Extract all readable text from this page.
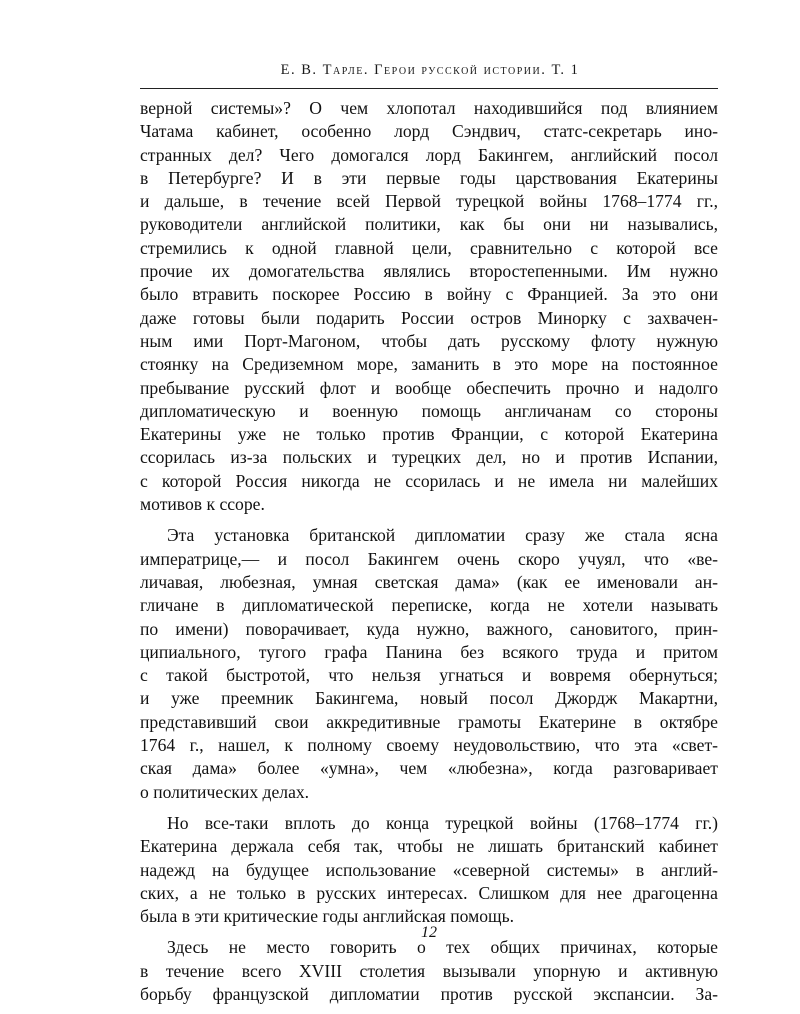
Е. В. Тарле. Герои русской истории. Т. 1
верной системы»? О чем хлопотал находившийся под влиянием
Чатама кабинет, особенно лорд Сэндвич, статс-секретарь ино-
странных дел? Чего домогался лорд Бакингем, английский посол
в Петербурге? И в эти первые годы царствования Екатерины
и дальше, в течение всей Первой турецкой войны 1768–1774 гг.,
руководители английской политики, как бы они ни назывались,
стремились к одной главной цели, сравнительно с которой все
прочие их домогательства являлись второстепенными. Им нужно
было втравить поскорее Россию в войну с Францией. За это они
даже готовы были подарить России остров Минорку с захвачен-
ным ими Порт-Магоном, чтобы дать русскому флоту нужную
стоянку на Средиземном море, заманить в это море на постоянное
пребывание русский флот и вообще обеспечить прочно и надолго
дипломатическую и военную помощь англичанам со стороны
Екатерины уже не только против Франции, с которой Екатерина
ссорилась из-за польских и турецких дел, но и против Испании,
с которой Россия никогда не ссорилась и не имела ни малейших
мотивов к ссоре.
Эта установка британской дипломатии сразу же стала ясна
императрице,— и посол Бакингем очень скоро учуял, что «ве-
личавая, любезная, умная светская дама» (как ее именовали ан-
гличане в дипломатической переписке, когда не хотели называть
по имени) поворачивает, куда нужно, важного, сановитого, прин-
ципиального, тугого графа Панина без всякого труда и притом
с такой быстротой, что нельзя угнаться и вовремя обернуться;
и уже преемник Бакингема, новый посол Джордж Макартни,
представивший свои аккредитивные грамоты Екатерине в октябре
1764 г., нашел, к полному своему неудовольствию, что эта «свет-
ская дама» более «умна», чем «любезна», когда разговаривает
о политических делах.
Но все-таки вплоть до конца турецкой войны (1768–1774 гг.)
Екатерина держала себя так, чтобы не лишать британский кабинет
надежд на будущее использование «северной системы» в англий-
ских, а не только в русских интересах. Слишком для нее драгоценна
была в эти критические годы английская помощь.
Здесь не место говорить о тех общих причинах, которые
в течение всего XVIII столетия вызывали упорную и активную
борьбу французской дипломатии против русской экспансии. За-
12
